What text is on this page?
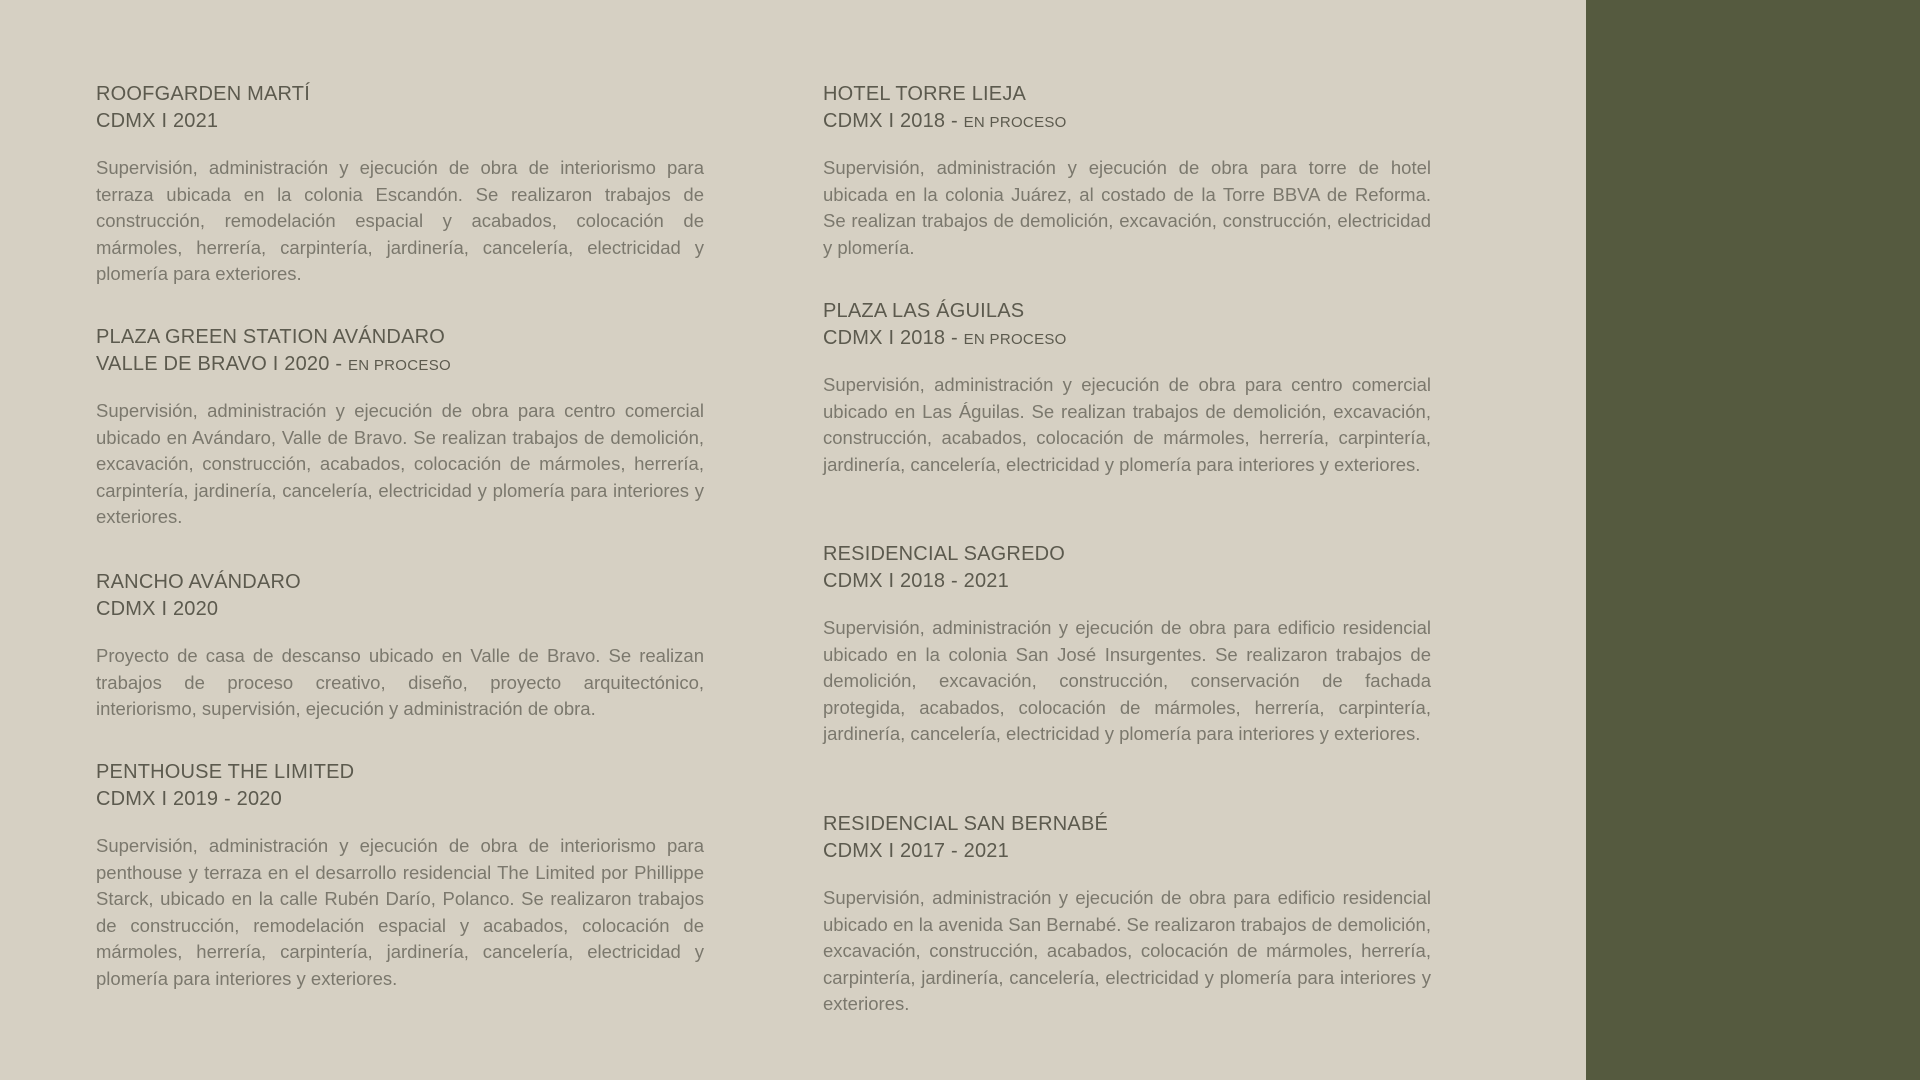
ROOFGARDEN MARTÍ
CDMX I 2021
Supervisión, administración y ejecución de obra de interiorismo para terraza ubicada en la colonia Escandón. Se realizaron trabajos de construcción, remodelación espacial y acabados, colocación de mármoles, herrería, carpintería, jardinería, cancelería, electricidad y plomería para exteriores.
PLAZA GREEN STATION AVÁNDARO
VALLE DE BRAVO I 2020 - EN PROCESO
Supervisión, administración y ejecución de obra para centro comercial ubicado en Avándaro, Valle de Bravo. Se realizan trabajos de demolición, excavación, construcción, acabados, colocación de mármoles, herrería, carpintería, jardinería, cancelería, electricidad y plomería para interiores y exteriores.
RANCHO AVÁNDARO
CDMX I 2020
Proyecto de casa de descanso ubicado en Valle de Bravo. Se realizan trabajos de proceso creativo, diseño, proyecto arquitectónico, interiorismo, supervisión, ejecución y administración de obra.
PENTHOUSE THE LIMITED
CDMX I 2019 - 2020
Supervisión, administración y ejecución de obra de interiorismo para penthouse y terraza en el desarrollo residencial The Limited por Phillippe Starck, ubicado en la calle Rubén Darío, Polanco. Se realizaron trabajos de construcción, remodelación espacial y acabados, colocación de mármoles, herrería, carpintería, jardinería, cancelería, electricidad y plomería para interiores y exteriores.
HOTEL TORRE LIEJA
CDMX I 2018 - EN PROCESO
Supervisión, administración y ejecución de obra para torre de hotel ubicada en la colonia Juárez, al costado de la Torre BBVA de Reforma. Se realizan trabajos de demolición, excavación, construcción, electricidad y plomería.
PLAZA LAS ÁGUILAS
CDMX I 2018 - EN PROCESO
Supervisión, administración y ejecución de obra para centro comercial ubicado en Las Águilas. Se realizan trabajos de demolición, excavación, construcción, acabados, colocación de mármoles, herrería, carpintería, jardinería, cancelería, electricidad y plomería para interiores y exteriores.
RESIDENCIAL SAGREDO
CDMX I 2018 - 2021
Supervisión, administración y ejecución de obra para edificio residencial ubicado en la colonia San José Insurgentes. Se realizaron trabajos de demolición, excavación, construcción, conservación de fachada protegida, acabados, colocación de mármoles, herrería, carpintería, jardinería, cancelería, electricidad y plomería para interiores y exteriores.
RESIDENCIAL SAN BERNABÉ
CDMX I 2017 - 2021
Supervisión, administración y ejecución de obra para edificio residencial ubicado en la avenida San Bernabé. Se realizaron trabajos de demolición, excavación, construcción, acabados, colocación de mármoles, herrería, carpintería, jardinería, cancelería, electricidad y plomería para interiores y exteriores.
